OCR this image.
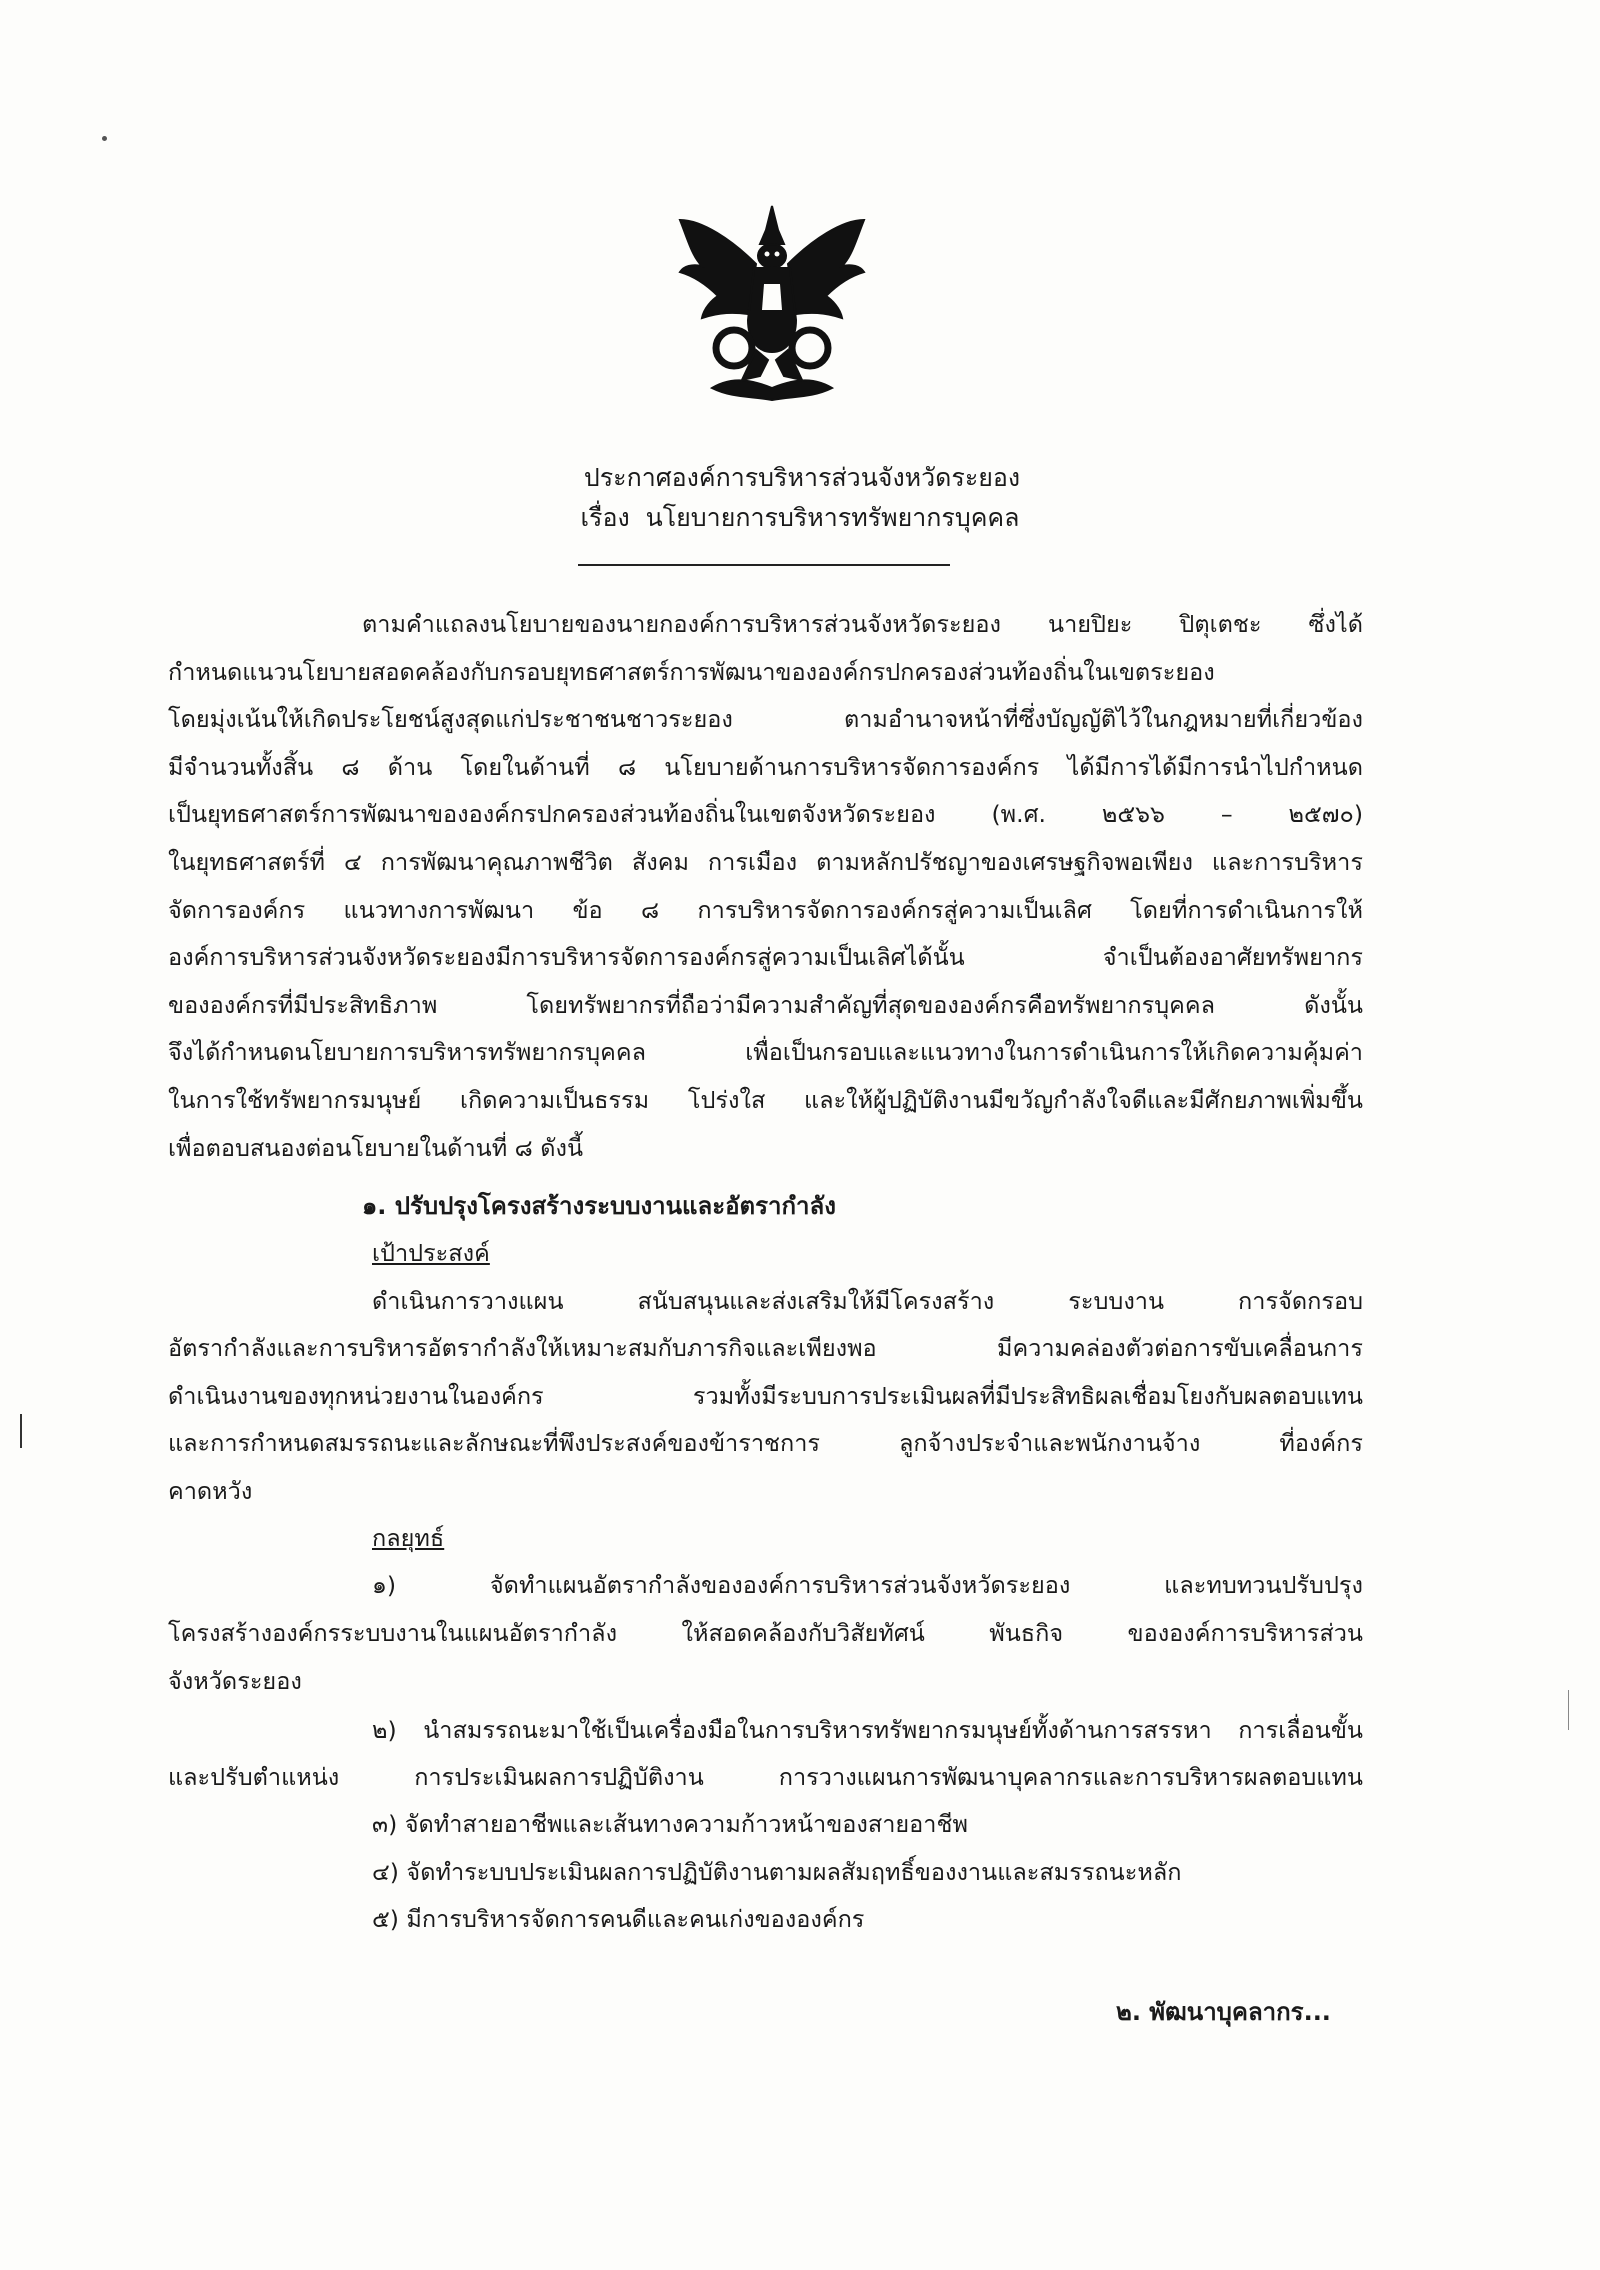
ประกาศองค์การบริหารส่วนจังหวัดระยอง
เรื่อง นโยบายการบริหารทรัพยากรบุคคล
ตามคำแถลงนโยบายของนายกองค์การบริหารส่วนจังหวัดระยอง นายปิยะ ปิตุเตชะ ซึ่งได้
กำหนดแนวนโยบายสอดคล้องกับกรอบยุทธศาสตร์การพัฒนาขององค์กรปกครองส่วนท้องถิ่นในเขตระยอง
โดยมุ่งเน้นให้เกิดประโยชน์สูงสุดแก่ประชาชนชาวระยอง ตามอำนาจหน้าที่ซึ่งบัญญัติไว้ในกฎหมายที่เกี่ยวข้อง
มีจำนวนทั้งสิ้น ๘ ด้าน โดยในด้านที่ ๘ นโยบายด้านการบริหารจัดการองค์กร ได้มีการได้มีการนำไปกำหนด
เป็นยุทธศาสตร์การพัฒนาขององค์กรปกครองส่วนท้องถิ่นในเขตจังหวัดระยอง (พ.ศ. ๒๕๖๖ – ๒๕๗๐)
ในยุทธศาสตร์ที่ ๔ การพัฒนาคุณภาพชีวิต สังคม การเมือง ตามหลักปรัชญาของเศรษฐกิจพอเพียง และการบริหาร
จัดการองค์กร แนวทางการพัฒนา ข้อ ๘ การบริหารจัดการองค์กรสู่ความเป็นเลิศ โดยที่การดำเนินการให้
องค์การบริหารส่วนจังหวัดระยองมีการบริหารจัดการองค์กรสู่ความเป็นเลิศได้นั้น จำเป็นต้องอาศัยทรัพยากร
ขององค์กรที่มีประสิทธิภาพ โดยทรัพยากรที่ถือว่ามีความสำคัญที่สุดขององค์กรคือทรัพยากรบุคคล ดังนั้น
จึงได้กำหนดนโยบายการบริหารทรัพยากรบุคคล เพื่อเป็นกรอบและแนวทางในการดำเนินการให้เกิดความคุ้มค่า
ในการใช้ทรัพยากรมนุษย์ เกิดความเป็นธรรม โปร่งใส และให้ผู้ปฏิบัติงานมีขวัญกำลังใจดีและมีศักยภาพเพิ่มขึ้น
เพื่อตอบสนองต่อนโยบายในด้านที่ ๘ ดังนี้
๑. ปรับปรุงโครงสร้างระบบงานและอัตรากำลัง
เป้าประสงค์
ดำเนินการวางแผน สนับสนุนและส่งเสริมให้มีโครงสร้าง ระบบงาน การจัดกรอบ
อัตรากำลังและการบริหารอัตรากำลังให้เหมาะสมกับภารกิจและเพียงพอ มีความคล่องตัวต่อการขับเคลื่อนการ
ดำเนินงานของทุกหน่วยงานในองค์กร รวมทั้งมีระบบการประเมินผลที่มีประสิทธิผลเชื่อมโยงกับผลตอบแทน
และการกำหนดสมรรถนะและลักษณะที่พึงประสงค์ของข้าราชการ ลูกจ้างประจำและพนักงานจ้าง ที่องค์กร
คาดหวัง
กลยุทธ์
๑) จัดทำแผนอัตรากำลังขององค์การบริหารส่วนจังหวัดระยอง และทบทวนปรับปรุง
โครงสร้างองค์กรระบบงานในแผนอัตรากำลัง ให้สอดคล้องกับวิสัยทัศน์ พันธกิจ ขององค์การบริหารส่วน
จังหวัดระยอง
๒) นำสมรรถนะมาใช้เป็นเครื่องมือในการบริหารทรัพยากรมนุษย์ทั้งด้านการสรรหา การเลื่อนขั้น
และปรับตำแหน่ง การประเมินผลการปฏิบัติงาน การวางแผนการพัฒนาบุคลากรและการบริหารผลตอบแทน
๓) จัดทำสายอาชีพและเส้นทางความก้าวหน้าของสายอาชีพ
๔) จัดทำระบบประเมินผลการปฏิบัติงานตามผลสัมฤทธิ์ของงานและสมรรถนะหลัก
๕) มีการบริหารจัดการคนดีและคนเก่งขององค์กร
๒. พัฒนาบุคลากร...
